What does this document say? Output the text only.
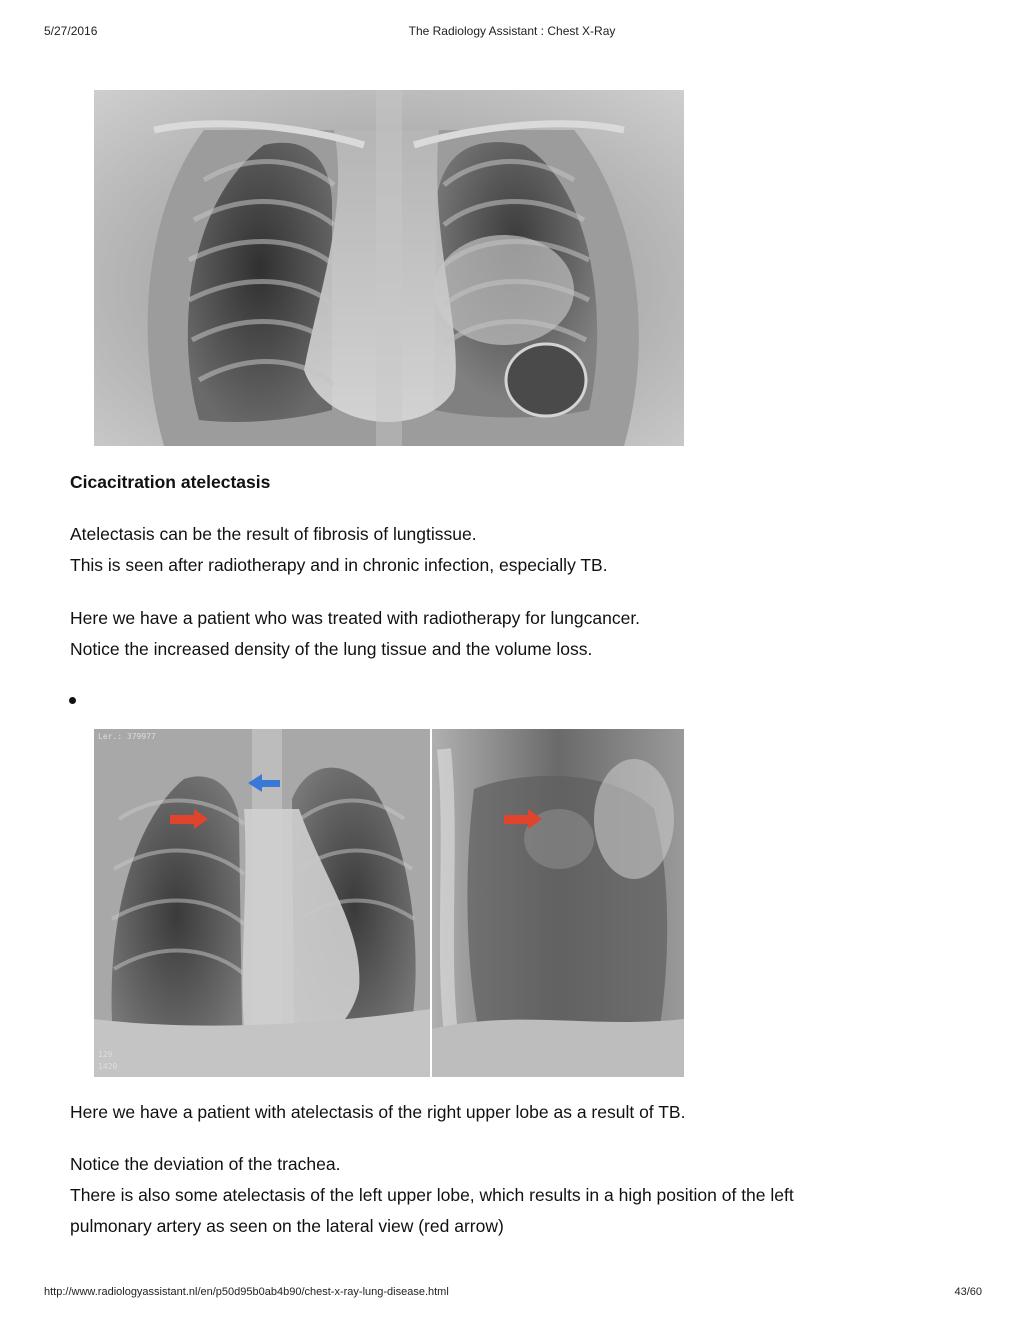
5/27/2016	The Radiology Assistant : Chest X-Ray
Cicacitration atelectasis
Atelectasis can be the result of fibrosis of lungtissue.
This is seen after radiotherapy and in chronic infection, especially TB.
Here we have a patient who was treated with radiotherapy for lungcancer.
Notice the increased density of the lung tissue and the volume loss.
Ler.: 379977
129
1420
Here we have a patient with atelectasis of the right upper lobe as a result of TB.
Notice the deviation of the trachea.
There is also some atelectasis of the left upper lobe, which results in a high position of the left
pulmonary artery as seen on the lateral view (red arrow)
http://www.radiologyassistant.nl/en/p50d95b0ab4b90/chest-x-ray-lung-disease.html	43/60
